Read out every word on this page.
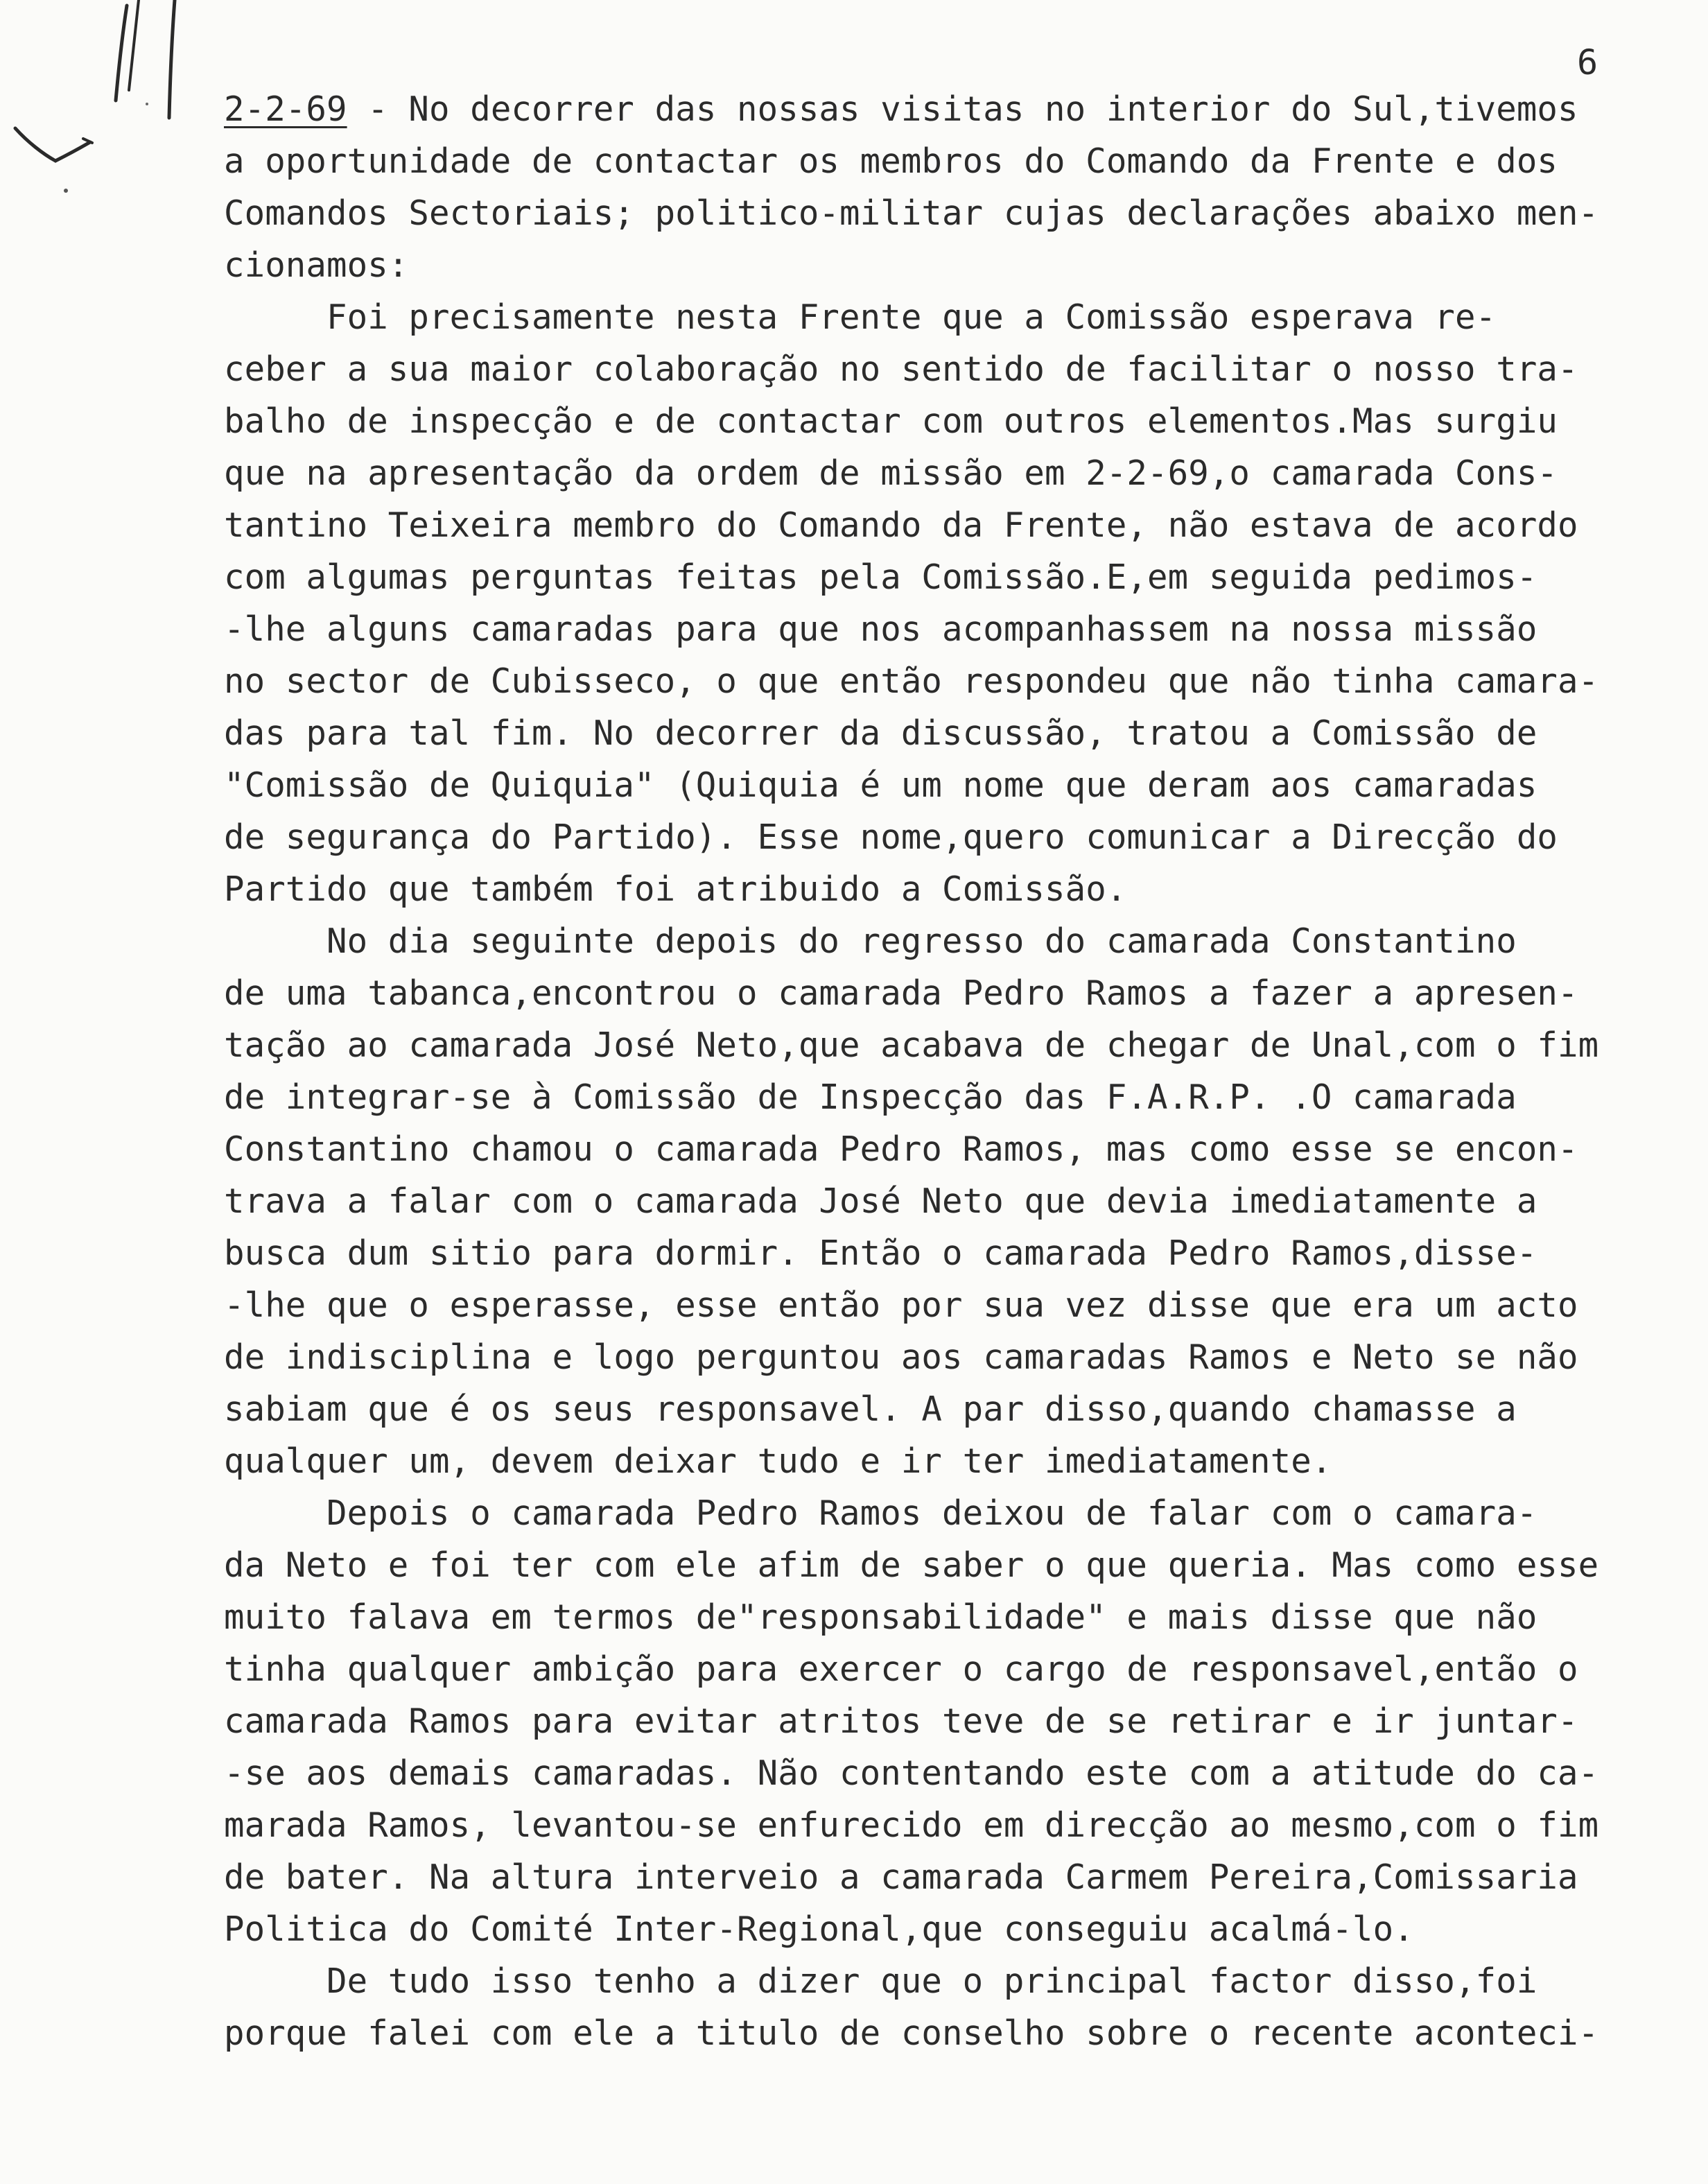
6
2-2-69 - No decorrer das nossas visitas no interior do Sul,tivemos
a oportunidade de contactar os membros do Comando da Frente e dos
Comandos Sectoriais; politico-militar cujas declarações abaixo men-
cionamos:
Foi precisamente nesta Frente que a Comissão esperava re-
ceber a sua maior colaboração no sentido de facilitar o nosso tra-
balho de inspecção e de contactar com outros elementos.Mas surgiu
que na apresentação da ordem de missão em 2-2-69,o camarada Cons-
tantino Teixeira membro do Comando da Frente, não estava de acordo
com algumas perguntas feitas pela Comissão.E,em seguida pedimos-
-lhe alguns camaradas para que nos acompanhassem na nossa missão
no sector de Cubisseco, o que então respondeu que não tinha camara-
das para tal fim. No decorrer da discussão, tratou a Comissão de
"Comissão de Quiquia" (Quiquia é um nome que deram aos camaradas
de segurança do Partido). Esse nome,quero comunicar a Direcção do
Partido que também foi atribuido a Comissão.
No dia seguinte depois do regresso do camarada Constantino
de uma tabanca,encontrou o camarada Pedro Ramos a fazer a apresen-
tação ao camarada José Neto,que acabava de chegar de Unal,com o fim
de integrar-se à Comissão de Inspecção das F.A.R.P. .O camarada
Constantino chamou o camarada Pedro Ramos, mas como esse se encon-
trava a falar com o camarada José Neto que devia imediatamente a
busca dum sitio para dormir. Então o camarada Pedro Ramos,disse-
-lhe que o esperasse, esse então por sua vez disse que era um acto
de indisciplina e logo perguntou aos camaradas Ramos e Neto se não
sabiam que é os seus responsavel. A par disso,quando chamasse a
qualquer um, devem deixar tudo e ir ter imediatamente.
Depois o camarada Pedro Ramos deixou de falar com o camara-
da Neto e foi ter com ele afim de saber o que queria. Mas como esse
muito falava em termos de"responsabilidade" e mais disse que não
tinha qualquer ambição para exercer o cargo de responsavel,então o
camarada Ramos para evitar atritos teve de se retirar e ir juntar-
-se aos demais camaradas. Não contentando este com a atitude do ca-
marada Ramos, levantou-se enfurecido em direcção ao mesmo,com o fim
de bater. Na altura interveio a camarada Carmem Pereira,Comissaria
Politica do Comité Inter-Regional,que conseguiu acalmá-lo.
De tudo isso tenho a dizer que o principal factor disso,foi
porque falei com ele a titulo de conselho sobre o recente aconteci-
